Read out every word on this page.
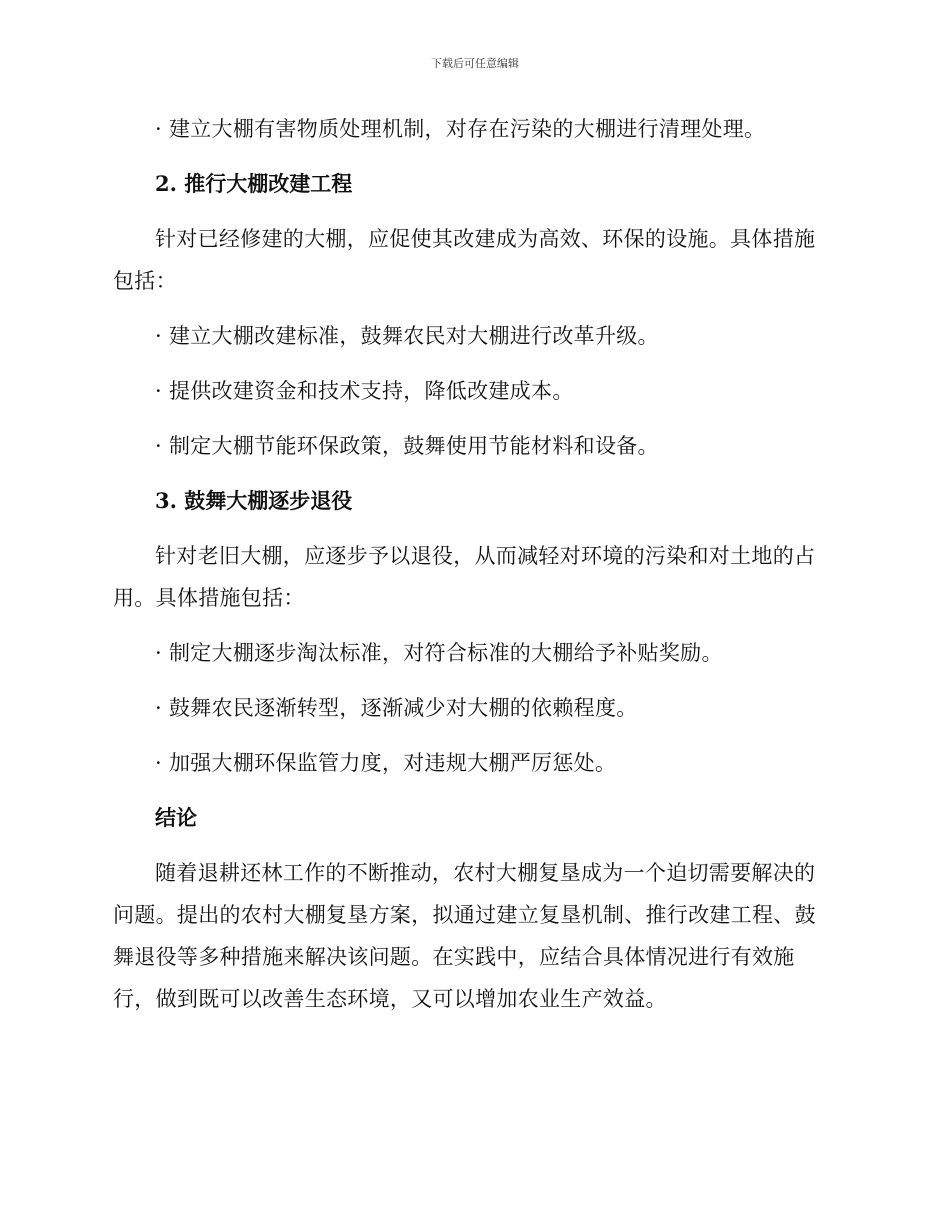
下载后可任意编辑

· 建立大棚有害物质处理机制，对存在污染的大棚进行清理处理。

2. 推行大棚改建工程

针对已经修建的大棚，应促使其改建成为高效、环保的设施。具体措施包括：

· 建立大棚改建标准，鼓舞农民对大棚进行改革升级。

· 提供改建资金和技术支持，降低改建成本。

· 制定大棚节能环保政策，鼓舞使用节能材料和设备。

3. 鼓舞大棚逐步退役

针对老旧大棚，应逐步予以退役，从而减轻对环境的污染和对土地的占用。具体措施包括：

· 制定大棚逐步淘汰标准，对符合标准的大棚给予补贴奖励。

· 鼓舞农民逐渐转型，逐渐减少对大棚的依赖程度。

· 加强大棚环保监管力度，对违规大棚严厉惩处。

结论

随着退耕还林工作的不断推动，农村大棚复垦成为一个迫切需要解决的问题。提出的农村大棚复垦方案，拟通过建立复垦机制、推行改建工程、鼓舞退役等多种措施来解决该问题。在实践中，应结合具体情况进行有效施行，做到既可以改善生态环境，又可以增加农业生产效益。
